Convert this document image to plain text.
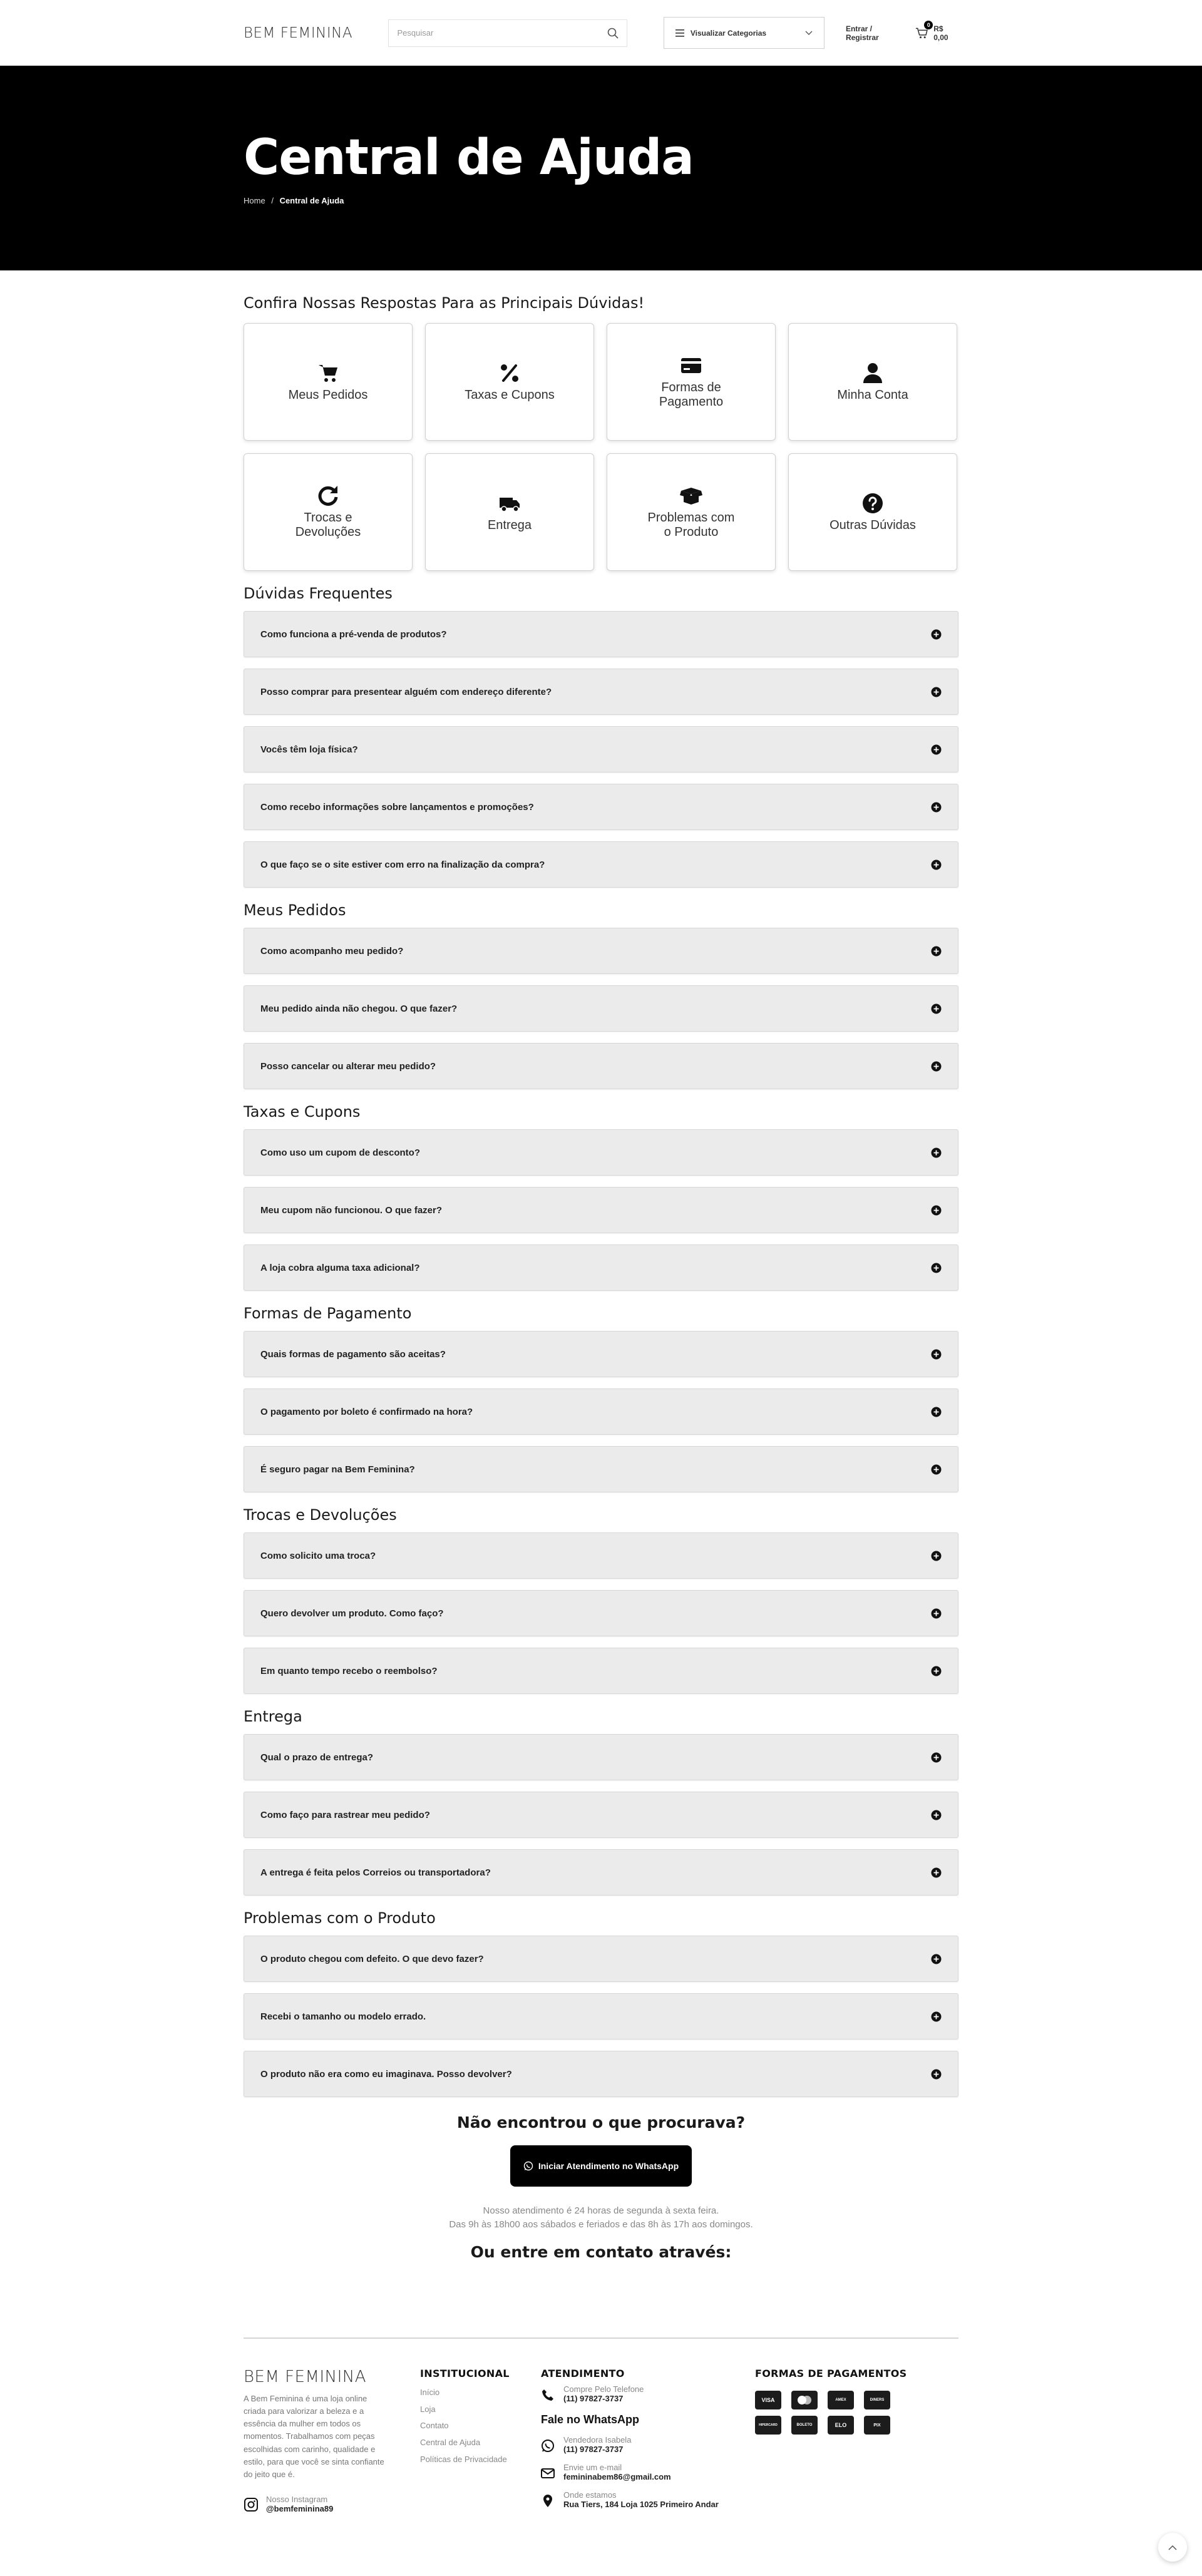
BEM FEMININA
Pesquisar	Visualizar Categorias	Entrar / Registrar
0 R$ 0,00
Central de Ajuda
Home / Central de Ajuda
Confira Nossas Respostas Para as Principais Dúvidas!
Meus Pedidos	Taxas e Cupons
Formas de Pagamento
Minha Conta
Trocas e Devoluções
Entrega
Problemas com o Produto
Outras Dúvidas
Dúvidas Frequentes
Como funciona a pré-venda de produtos?
Posso comprar para presentear alguém com endereço diferente?
Vocês têm loja física?
Como recebo informações sobre lançamentos e promoções?
O que faço se o site estiver com erro na finalização da compra?
Meus Pedidos
Como acompanho meu pedido?
Meu pedido ainda não chegou. O que fazer?
Posso cancelar ou alterar meu pedido?
Taxas e Cupons
Como uso um cupom de desconto?
Meu cupom não funcionou. O que fazer?
A loja cobra alguma taxa adicional?
Formas de Pagamento
Quais formas de pagamento são aceitas?
O pagamento por boleto é confirmado na hora?
É seguro pagar na Bem Feminina?
Trocas e Devoluções
Como solicito uma troca?
Quero devolver um produto. Como faço?
Em quanto tempo recebo o reembolso?
Entrega
Qual o prazo de entrega?
Como faço para rastrear meu pedido?
A entrega é feita pelos Correios ou transportadora?
Problemas com o Produto
O produto chegou com defeito. O que devo fazer?
Recebi o tamanho ou modelo errado.
O produto não era como eu imaginava. Posso devolver?
Não encontrou o que procurava?
Iniciar Atendimento no WhatsApp
Nosso atendimento é 24 horas de segunda à sexta feira.
Das 9h às 18h00 aos sábados e feriados e das 8h às 17h aos domingos.
Ou entre em contato através:
BEM FEMININA
A Bem Feminina é uma loja online criada para valorizar a beleza e a essência da mulher em todos os momentos. Trabalhamos com peças escolhidas com carinho, qualidade e estilo, para que você se sinta confiante do jeito que é.
Nosso Instagram
@bemfeminina89
INSTITUCIONAL
Início
Loja
Contato
Central de Ajuda
Políticas de Privacidade
ATENDIMENTO
Compre Pelo Telefone
(11) 97827-3737
Fale no WhatsApp
Vendedora Isabela
(11) 97827-3737
Envie um e-mail
femininabem86@gmail.com
Onde estamos
Rua Tiers, 184 Loja 1025 Primeiro Andar
FORMAS DE PAGAMENTOS
VISA	AMEX	DINERS
HIPERCARD	BOLETO	ELO	PIX
